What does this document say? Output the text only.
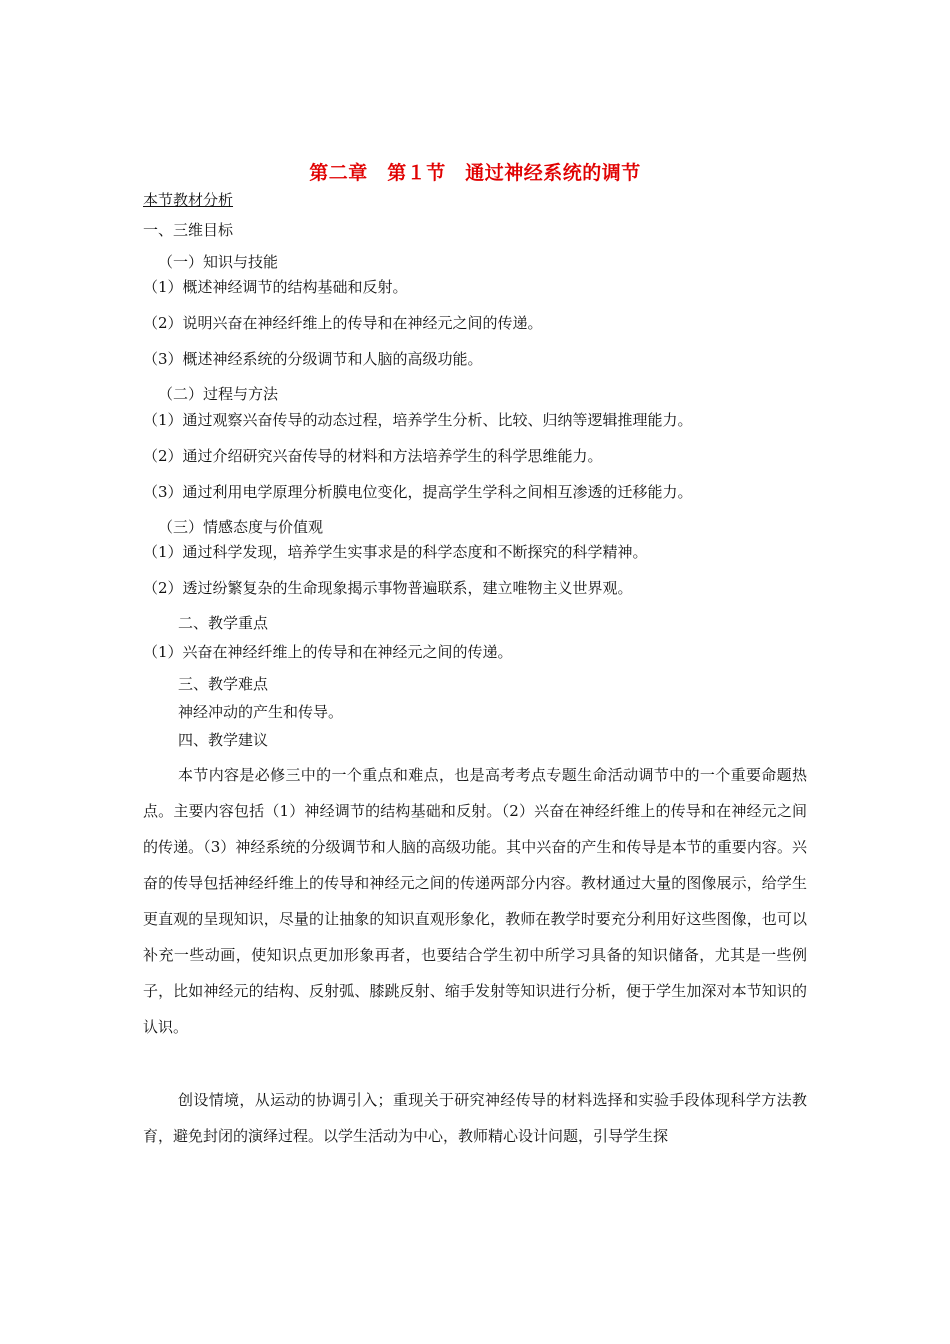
第二章　第１节　通过神经系统的调节
本节教材分析
一、三维目标
（一）知识与技能
（1）概述神经调节的结构基础和反射。
（2）说明兴奋在神经纤维上的传导和在神经元之间的传递。
（3）概述神经系统的分级调节和人脑的高级功能。
（二）过程与方法
（1）通过观察兴奋传导的动态过程，培养学生分析、比较、归纳等逻辑推理能力。
（2）通过介绍研究兴奋传导的材料和方法培养学生的科学思维能力。
（3）通过利用电学原理分析膜电位变化，提高学生学科之间相互渗透的迁移能力。
（三）情感态度与价值观
（1）通过科学发现，培养学生实事求是的科学态度和不断探究的科学精神。
（2）透过纷繁复杂的生命现象揭示事物普遍联系，建立唯物主义世界观。
二、教学重点
（1）兴奋在神经纤维上的传导和在神经元之间的传递。
三、教学难点
神经冲动的产生和传导。
四、教学建议

本节内容是必修三中的一个重点和难点，也是高考考点专题生命活动调节中的一个重要命题热点。主要内容包括（1）神经调节的结构基础和反射。（2）兴奋在神经纤维上的传导和在神经元之间的传递。（3）神经系统的分级调节和人脑的高级功能。其中兴奋的产生和传导是本节的重要内容。兴奋的传导包括神经纤维上的传导和神经元之间的传递两部分内容。教材通过大量的图像展示，给学生更直观的呈现知识，尽量的让抽象的知识直观形象化，教师在教学时要充分利用好这些图像，也可以补充一些动画，使知识点更加形象再者，也要结合学生初中所学习具备的知识储备，尤其是一些例子，比如神经元的结构、反射弧、膝跳反射、缩手发射等知识进行分析，便于学生加深对本节知识的认识。

创设情境，从运动的协调引入；重现关于研究神经传导的材料选择和实验手段体现科学方法教育，避免封闭的演绎过程。以学生活动为中心，教师精心设计问题，引导学生探
